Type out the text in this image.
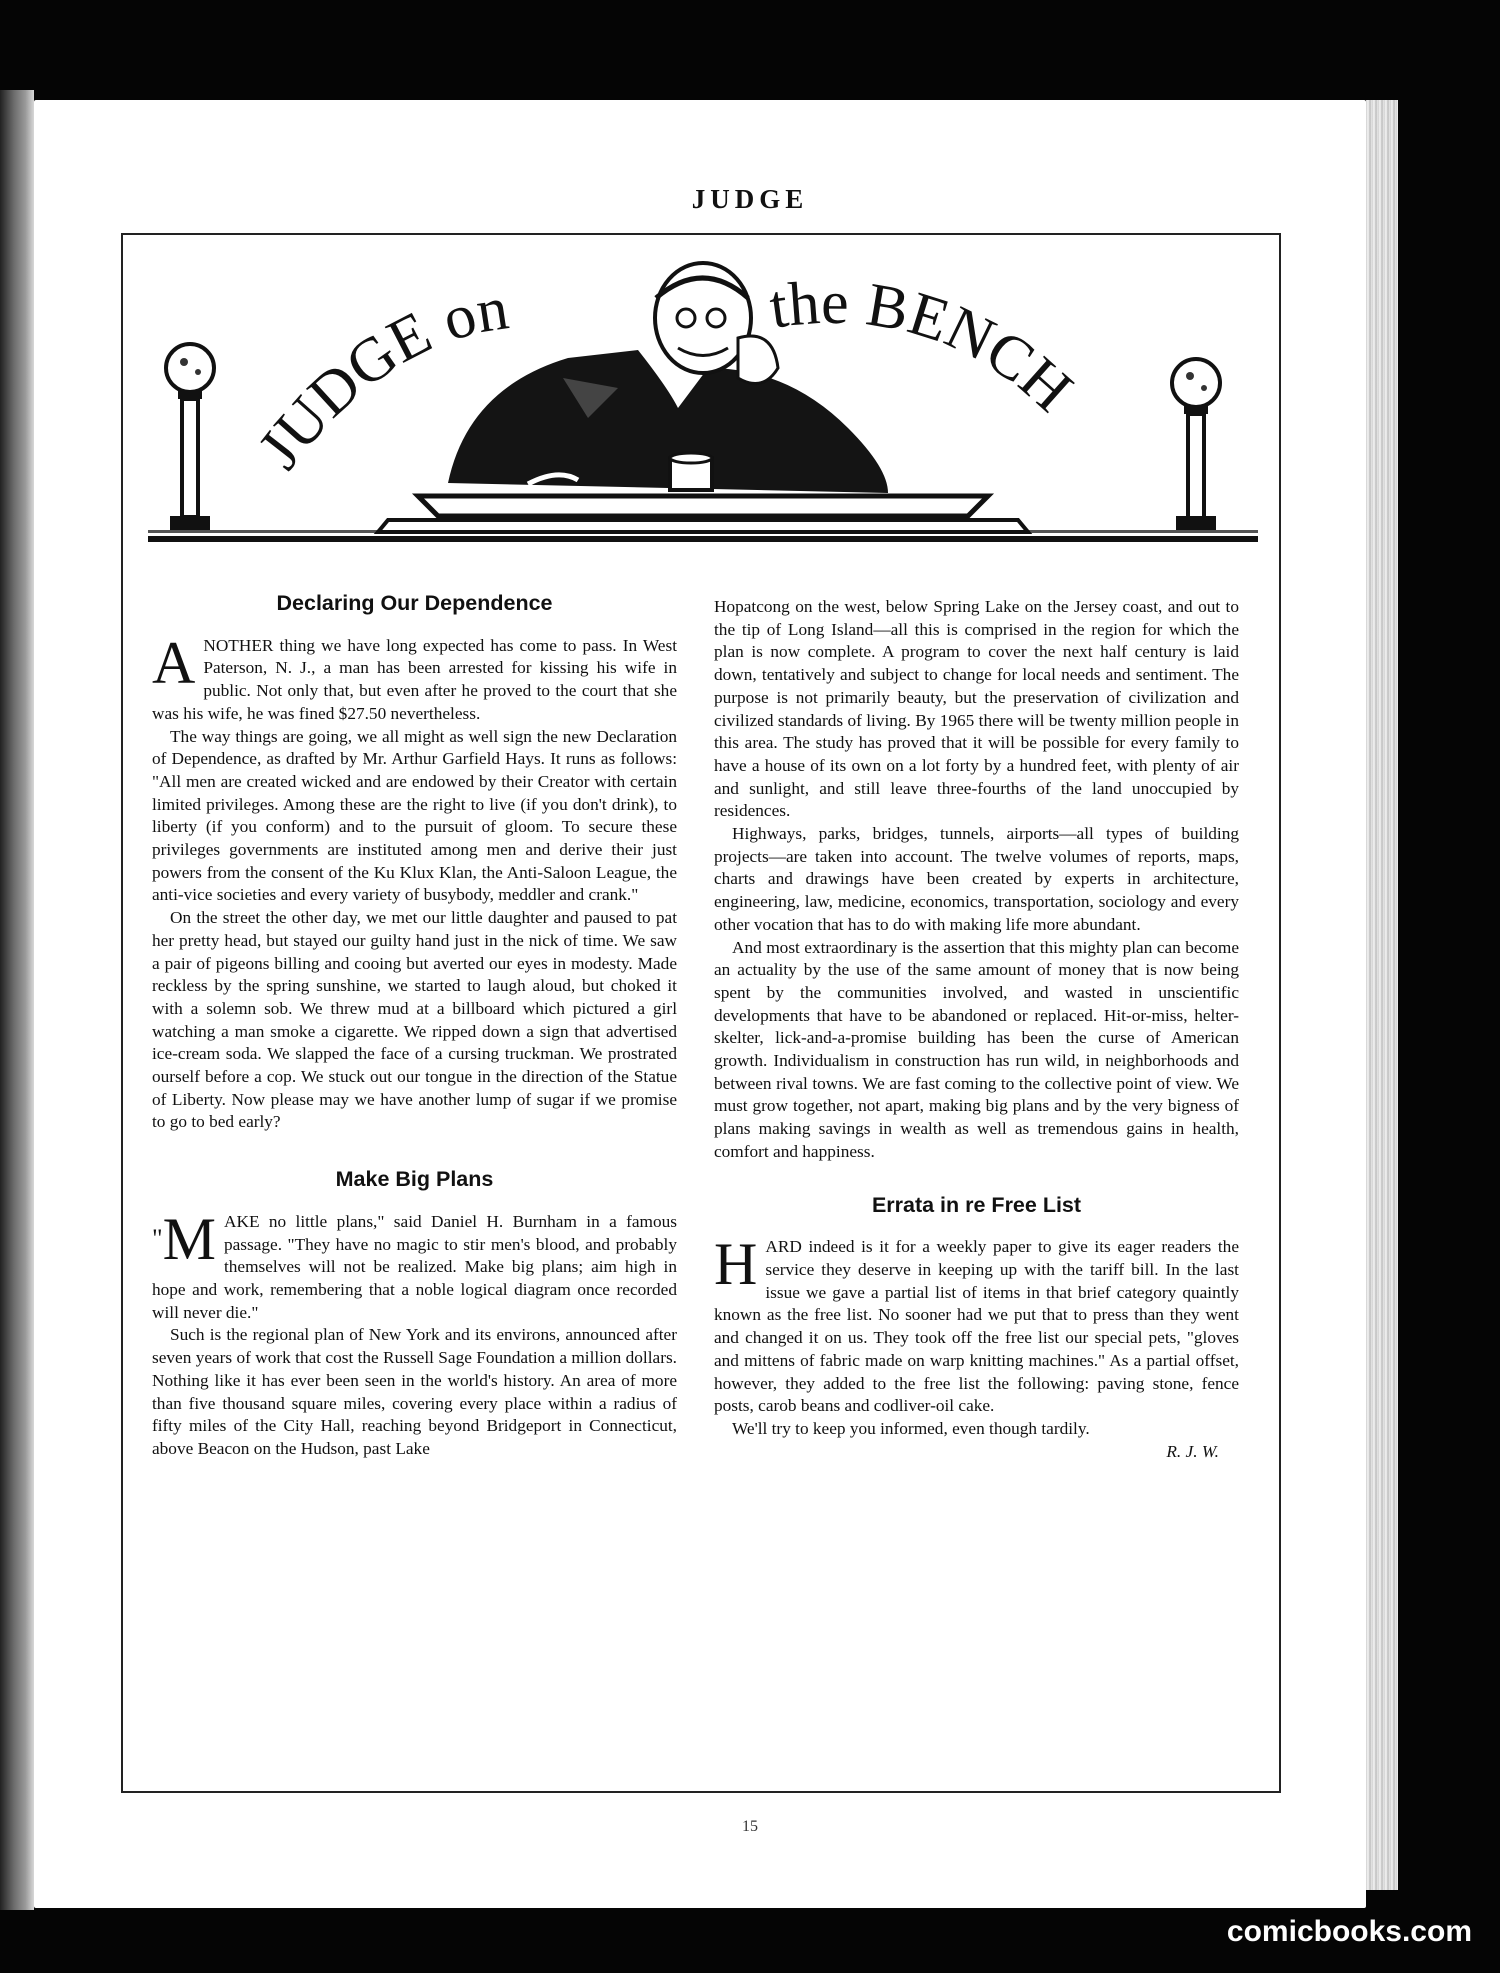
JUDGE
JUDGE on	the BENCH
Declaring Our Dependence

ANOTHER thing we have long expected has come to pass. In West Paterson, N. J., a man has been arrested for kissing his wife in public. Not only that, but even after he proved to the court that she was his wife, he was fined $27.50 nevertheless.

The way things are going, we all might as well sign the new Declaration of Dependence, as drafted by Mr. Arthur Garfield Hays. It runs as follows: "All men are created wicked and are endowed by their Creator with certain limited privileges. Among these are the right to live (if you don't drink), to liberty (if you conform) and to the pursuit of gloom. To secure these privileges governments are instituted among men and derive their just powers from the consent of the Ku Klux Klan, the Anti-Saloon League, the anti-vice societies and every variety of busybody, meddler and crank."

On the street the other day, we met our little daughter and paused to pat her pretty head, but stayed our guilty hand just in the nick of time. We saw a pair of pigeons billing and cooing but averted our eyes in modesty. Made reckless by the spring sunshine, we started to laugh aloud, but choked it with a solemn sob. We threw mud at a billboard which pictured a girl watching a man smoke a cigarette. We ripped down a sign that advertised ice-cream soda. We slapped the face of a cursing truckman. We prostrated ourself before a cop. We stuck out our tongue in the direction of the Statue of Liberty. Now please may we have another lump of sugar if we promise to go to bed early?

Make Big Plans

"M AKE no little plans," said Daniel H. Burnham in a famous passage. "They have no magic to stir men's blood, and probably themselves will not be realized. Make big plans; aim high in hope and work, remembering that a noble logical diagram once recorded will never die."

Such is the regional plan of New York and its environs, announced after seven years of work that cost the Russell Sage Foundation a million dollars. Nothing like it has ever been seen in the world's history. An area of more than five thousand square miles, covering every place within a radius of fifty miles of the City Hall, reaching beyond Bridgeport in Connecticut, above Beacon on the Hudson, past Lake

Hopatcong on the west, below Spring Lake on the Jersey coast, and out to the tip of Long Island—all this is comprised in the region for which the plan is now complete. A program to cover the next half century is laid down, tentatively and subject to change for local needs and sentiment. The purpose is not primarily beauty, but the preservation of civilization and civilized standards of living. By 1965 there will be twenty million people in this area. The study has proved that it will be possible for every family to have a house of its own on a lot forty by a hundred feet, with plenty of air and sunlight, and still leave three-fourths of the land unoccupied by residences.

Highways, parks, bridges, tunnels, airports—all types of building projects—are taken into account. The twelve volumes of reports, maps, charts and drawings have been created by experts in architecture, engineering, law, medicine, economics, transportation, sociology and every other vocation that has to do with making life more abundant.

And most extraordinary is the assertion that this mighty plan can become an actuality by the use of the same amount of money that is now being spent by the communities involved, and wasted in unscientific developments that have to be abandoned or replaced. Hit-or-miss, helter-skelter, lick-and-a-promise building has been the curse of American growth. Individualism in construction has run wild, in neighborhoods and between rival towns. We are fast coming to the collective point of view. We must grow together, not apart, making big plans and by the very bigness of plans making savings in wealth as well as tremendous gains in health, comfort and happiness.

Errata in re Free List

HARD indeed is it for a weekly paper to give its eager readers the service they deserve in keeping up with the tariff bill. In the last issue we gave a partial list of items in that brief category quaintly known as the free list. No sooner had we put that to press than they went and changed it on us. They took off the free list our special pets, "gloves and mittens of fabric made on warp knitting machines." As a partial offset, however, they added to the free list the following: paving stone, fence posts, carob beans and codliver-oil cake.

We'll try to keep you informed, even though tardily.

R. J. W.
15
comicbooks.com
